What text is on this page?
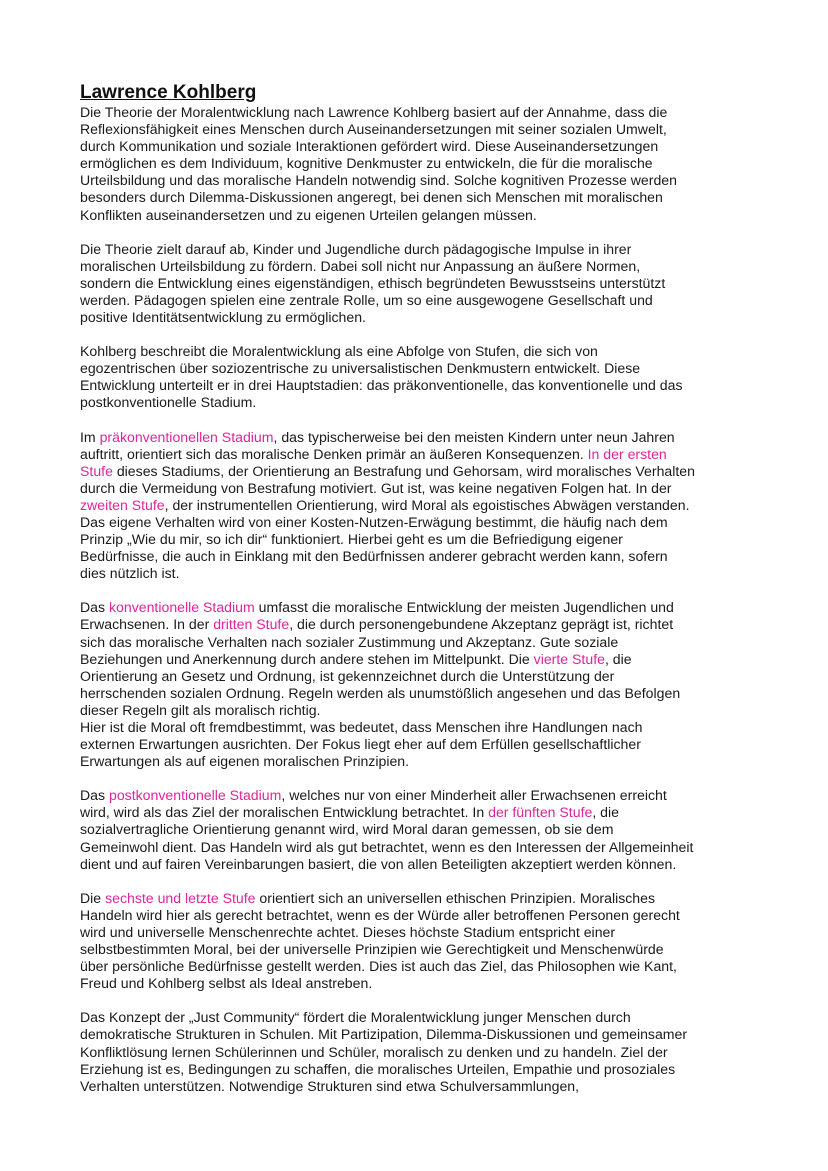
Lawrence Kohlberg
Die Theorie der Moralentwicklung nach Lawrence Kohlberg basiert auf der Annahme, dass die
Reflexionsfähigkeit eines Menschen durch Auseinandersetzungen mit seiner sozialen Umwelt,
durch Kommunikation und soziale Interaktionen gefördert wird. Diese Auseinandersetzungen
ermöglichen es dem Individuum, kognitive Denkmuster zu entwickeln, die für die moralische
Urteilsbildung und das moralische Handeln notwendig sind. Solche kognitiven Prozesse werden
besonders durch Dilemma-Diskussionen angeregt, bei denen sich Menschen mit moralischen
Konflikten auseinandersetzen und zu eigenen Urteilen gelangen müssen.
Die Theorie zielt darauf ab, Kinder und Jugendliche durch pädagogische Impulse in ihrer
moralischen Urteilsbildung zu fördern. Dabei soll nicht nur Anpassung an äußere Normen,
sondern die Entwicklung eines eigenständigen, ethisch begründeten Bewusstseins unterstützt
werden. Pädagogen spielen eine zentrale Rolle, um so eine ausgewogene Gesellschaft und
positive Identitätsentwicklung zu ermöglichen.
Kohlberg beschreibt die Moralentwicklung als eine Abfolge von Stufen, die sich von
egozentrischen über soziozentrische zu universalistischen Denkmustern entwickelt. Diese
Entwicklung unterteilt er in drei Hauptstadien: das präkonventionelle, das konventionelle und das
postkonventionelle Stadium.
Im präkonventionellen Stadium, das typischerweise bei den meisten Kindern unter neun Jahren
auftritt, orientiert sich das moralische Denken primär an äußeren Konsequenzen. In der ersten
Stufe dieses Stadiums, der Orientierung an Bestrafung und Gehorsam, wird moralisches Verhalten
durch die Vermeidung von Bestrafung motiviert. Gut ist, was keine negativen Folgen hat. In der
zweiten Stufe, der instrumentellen Orientierung, wird Moral als egoistisches Abwägen verstanden.
Das eigene Verhalten wird von einer Kosten-Nutzen-Erwägung bestimmt, die häufig nach dem
Prinzip „Wie du mir, so ich dir“ funktioniert. Hierbei geht es um die Befriedigung eigener
Bedürfnisse, die auch in Einklang mit den Bedürfnissen anderer gebracht werden kann, sofern
dies nützlich ist.
Das konventionelle Stadium umfasst die moralische Entwicklung der meisten Jugendlichen und
Erwachsenen. In der dritten Stufe, die durch personengebundene Akzeptanz geprägt ist, richtet
sich das moralische Verhalten nach sozialer Zustimmung und Akzeptanz. Gute soziale
Beziehungen und Anerkennung durch andere stehen im Mittelpunkt. Die vierte Stufe, die
Orientierung an Gesetz und Ordnung, ist gekennzeichnet durch die Unterstützung der
herrschenden sozialen Ordnung. Regeln werden als unumstößlich angesehen und das Befolgen
dieser Regeln gilt als moralisch richtig.
Hier ist die Moral oft fremdbestimmt, was bedeutet, dass Menschen ihre Handlungen nach
externen Erwartungen ausrichten. Der Fokus liegt eher auf dem Erfüllen gesellschaftlicher
Erwartungen als auf eigenen moralischen Prinzipien.
Das postkonventionelle Stadium, welches nur von einer Minderheit aller Erwachsenen erreicht
wird, wird als das Ziel der moralischen Entwicklung betrachtet. In der fünften Stufe, die
sozialvertragliche Orientierung genannt wird, wird Moral daran gemessen, ob sie dem
Gemeinwohl dient. Das Handeln wird als gut betrachtet, wenn es den Interessen der Allgemeinheit
dient und auf fairen Vereinbarungen basiert, die von allen Beteiligten akzeptiert werden können.
Die sechste und letzte Stufe orientiert sich an universellen ethischen Prinzipien. Moralisches
Handeln wird hier als gerecht betrachtet, wenn es der Würde aller betroffenen Personen gerecht
wird und universelle Menschenrechte achtet. Dieses höchste Stadium entspricht einer
selbstbestimmten Moral, bei der universelle Prinzipien wie Gerechtigkeit und Menschenwürde
über persönliche Bedürfnisse gestellt werden. Dies ist auch das Ziel, das Philosophen wie Kant,
Freud und Kohlberg selbst als Ideal anstreben.
Das Konzept der „Just Community“ fördert die Moralentwicklung junger Menschen durch
demokratische Strukturen in Schulen. Mit Partizipation, Dilemma-Diskussionen und gemeinsamer
Konfliktlösung lernen Schülerinnen und Schüler, moralisch zu denken und zu handeln. Ziel der
Erziehung ist es, Bedingungen zu schaffen, die moralisches Urteilen, Empathie und prosoziales
Verhalten unterstützen. Notwendige Strukturen sind etwa Schulversammlungen,
